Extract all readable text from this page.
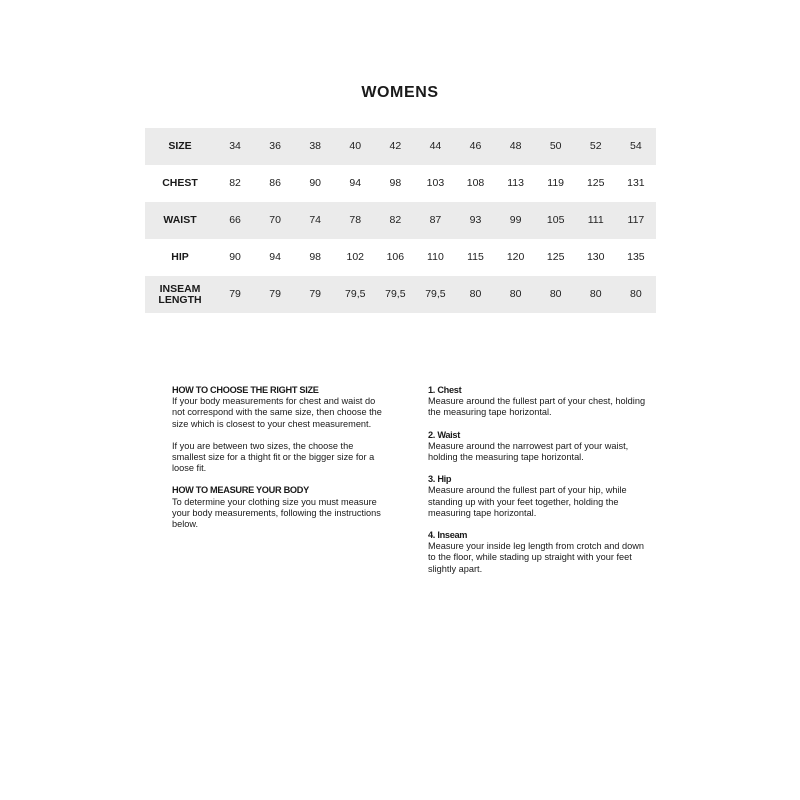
WOMENS
SIZE	34	36	38	40	42	44	46	48	50	52	54
CHEST	82	86	90	94	98	103	108	113	119	125	131
WAIST	66	70	74	78	82	87	93	99	105	111	117
HIP	90	94	98	102	106	110	115	120	125	130	135
INSEAM
LENGTH	79	79	79	79,5	79,5	79,5	80	80	80	80	80

HOW TO CHOOSE THE RIGHT SIZE

If your body measurements for chest and waist do not correspond with the same size, then choose the size which is closest to your chest measurement.

If you are between two sizes, the choose the smallest size for a thight fit or the bigger size for a loose fit.

HOW TO MEASURE YOUR BODY

To determine your clothing size you must measure your body measurements, following the instructions below.

1. Chest

Measure around the fullest part of your chest, holding the measuring tape horizontal.

2. Waist

Measure around the narrowest part of your waist, holding the measuring tape horizontal.

3. Hip

Measure around the fullest part of your hip, while standing up with your feet together, holding the measuring tape horizontal.

4. Inseam

Measure your inside leg length from crotch and down to the floor, while stading up straight with your feet slightly apart.
